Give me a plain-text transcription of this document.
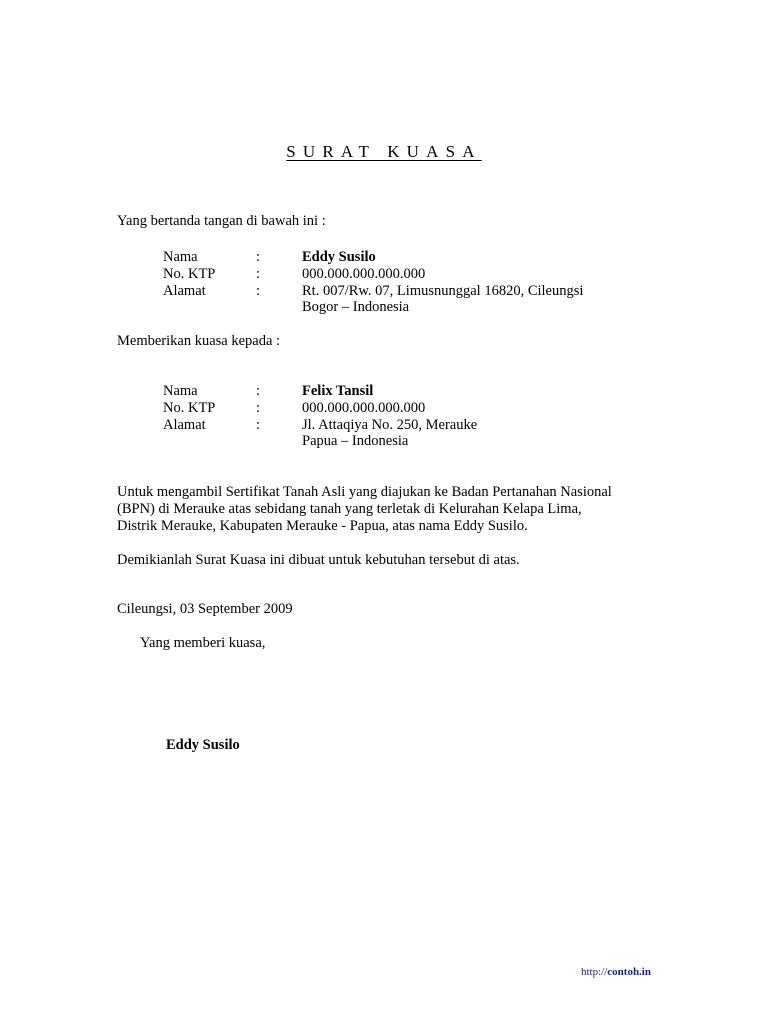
SURAT KUASA
Yang bertanda tangan di bawah ini :
Nama	:	Eddy Susilo
No. KTP	:	000.000.000.000.000
Alamat	:	Rt. 007/Rw. 07, Limusnunggal 16820, Cileungsi
Bogor – Indonesia
Memberikan kuasa kepada :
Nama	:	Felix Tansil
No. KTP	:	000.000.000.000.000
Alamat	:	Jl. Attaqiya No. 250, Merauke
Papua – Indonesia
Untuk mengambil Sertifikat Tanah Asli yang diajukan ke Badan Pertanahan Nasional
(BPN) di Merauke atas sebidang tanah yang terletak di Kelurahan Kelapa Lima,
Distrik Merauke, Kabupaten Merauke - Papua, atas nama Eddy Susilo.
Demikianlah Surat Kuasa ini dibuat untuk kebutuhan tersebut di atas.
Cileungsi, 03 September 2009
Yang memberi kuasa,
Eddy Susilo
http://contoh.in
